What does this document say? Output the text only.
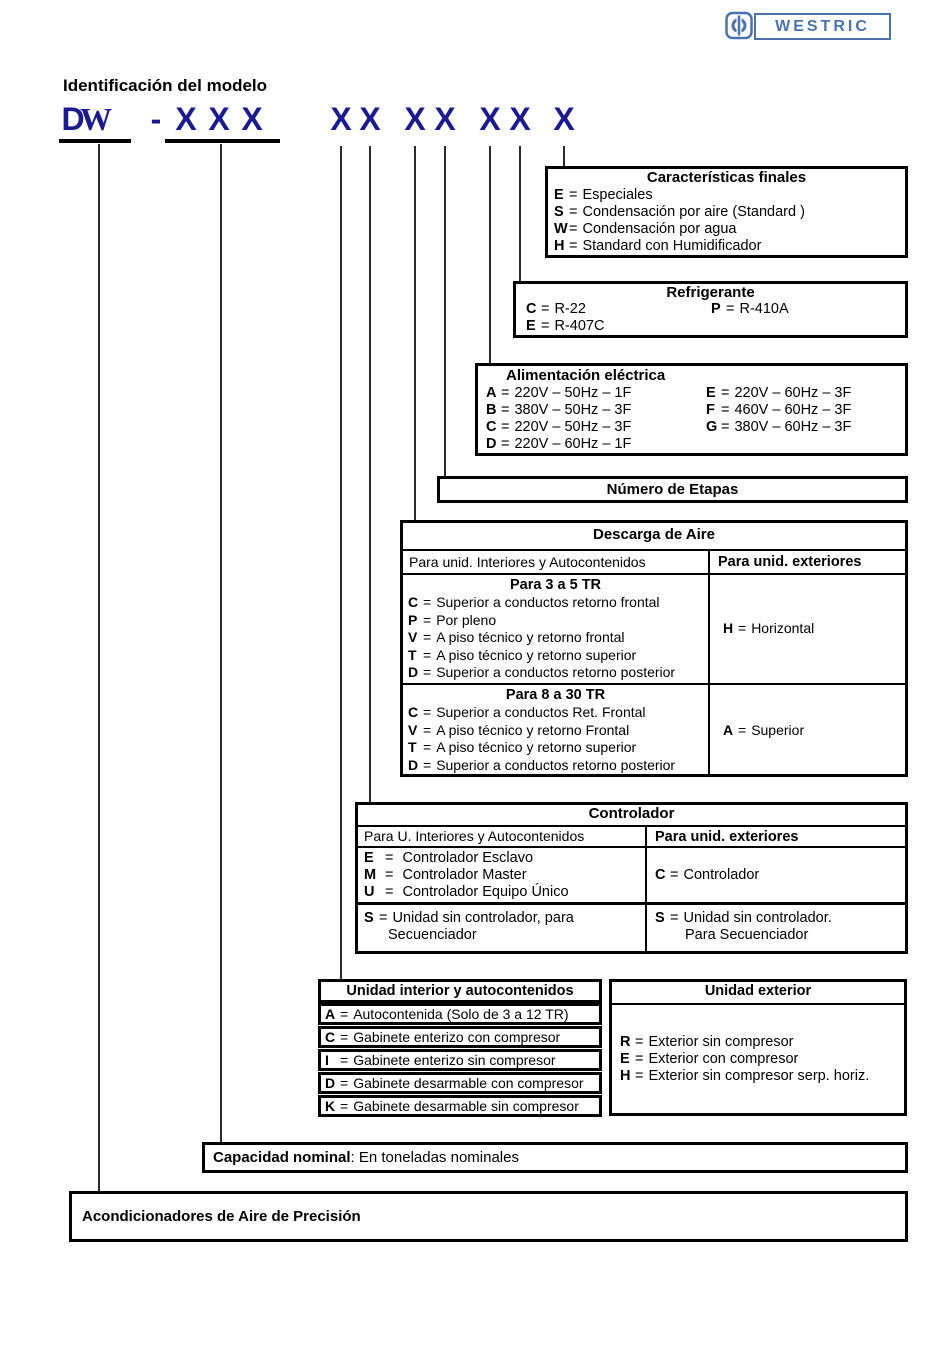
WESTRIC
Identificación del modelo
D
W	- X X X X X X X X X X
Características finales
E = Especiales
S = Condensación por aire (Standard )
W= Condensación por agua
H = Standard con Humidificador
Refrigerante
C = R-22	P = R-410A
E = R-407C
Alimentación eléctrica
A = 220V – 50Hz – 1F
B = 380V – 50Hz – 3F
C = 220V – 50Hz – 3F
D = 220V – 60Hz – 1F
E = 220V – 60Hz – 3F
F = 460V – 60Hz – 3F
G = 380V – 60Hz – 3F
Número de Etapas
Descarga de Aire
Para unid. Interiores y Autocontenidos	Para unid. exteriores
Para 3 a 5 TR
C = Superior a conductos retorno frontal
P = Por pleno
V = A piso técnico y retorno frontal
T = A piso técnico y retorno superior
D = Superior a conductos retorno posterior
H = Horizontal
Para 8 a 30 TR
C = Superior a conductos Ret. Frontal
V = A piso técnico y retorno Frontal
T = A piso técnico y retorno superior
D = Superior a conductos retorno posterior
A = Superior
Controlador
Para U. Interiores y Autocontenidos	Para unid. exteriores
E = Controlador Esclavo
M = Controlador Master
U = Controlador Equipo Único
C = Controlador
S = Unidad sin controlador, para
Secuenciador
S = Unidad sin controlador.
Para Secuenciador
Unidad interior y autocontenidos
A = Autocontenida (Solo de 3 a 12 TR)
C = Gabinete enterizo con compresor
I = Gabinete enterizo sin compresor
D = Gabinete desarmable con compresor
K = Gabinete desarmable sin compresor
Unidad exterior
R = Exterior sin compresor
E = Exterior con compresor
H = Exterior sin compresor serp. horiz.
Capacidad nominal : En toneladas nominales
Acondicionadores de Aire de Precisión
